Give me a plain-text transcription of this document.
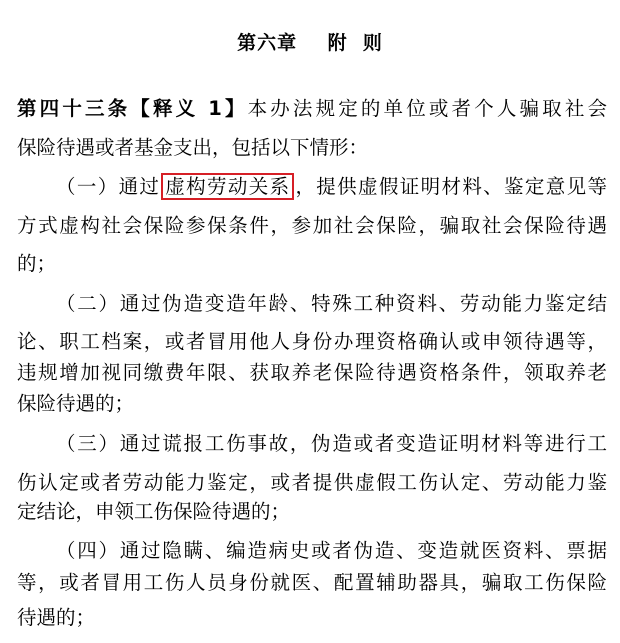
第六章    附  则
第四十三条【释义 1】本办法规定的单位或者个人骗取社会
保险待遇或者基金支出，包括以下情形：
（一）通过 虚构劳动关系 ，提供虚假证明材料、鉴定意见等
方式虚构社会保险参保条件，参加社会保险，骗取社会保险待遇
的；
（二）通过伪造变造年龄、特殊工种资料、劳动能力鉴定结
论、职工档案，或者冒用他人身份办理资格确认或申领待遇等，
违规增加视同缴费年限、获取养老保险待遇资格条件，领取养老
保险待遇的；
（三）通过谎报工伤事故，伪造或者变造证明材料等进行工
伤认定或者劳动能力鉴定，或者提供虚假工伤认定、劳动能力鉴
定结论，申领工伤保险待遇的；
（四）通过隐瞒、编造病史或者伪造、变造就医资料、票据
等，或者冒用工伤人员身份就医、配置辅助器具，骗取工伤保险
待遇的；
